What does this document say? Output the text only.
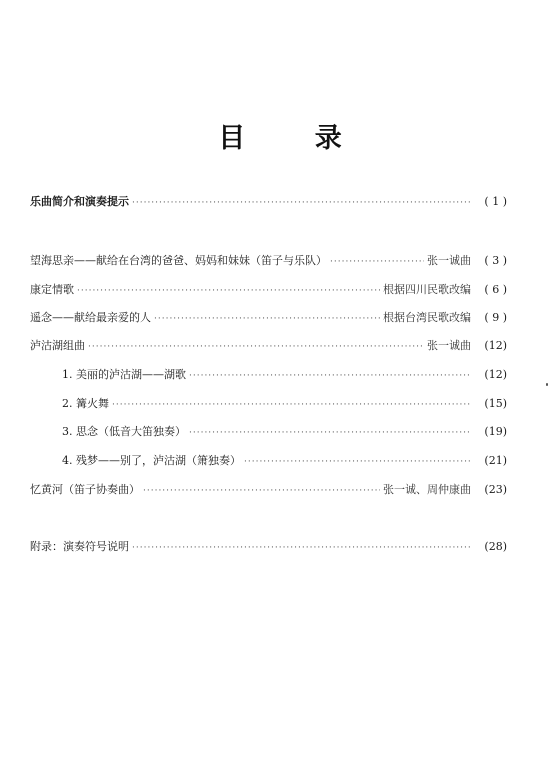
目 录
乐曲简介和演奏提示 ·····	( 1 )
望海思亲——献给在台湾的爸爸、妈妈和妹妹（笛子与乐队） ·····	张一诚曲	( 3 )
康定情歌 ·····	根据四川民歌改编	( 6 )
遥念——献给最亲爱的人 ·····	根据台湾民歌改编	( 9 )
泸沽湖组曲 ·····	张一诚曲	(12)
1. 美丽的泸沽湖——湖歌 ·····	(12)
2. 篝火舞 ·····	(15)
3. 思念（低音大笛独奏） ·····	(19)
4. 残梦——别了，泸沽湖（箫独奏） ·····	(21)
忆黄河（笛子协奏曲） ·····	张一诚、周仲康曲	(23)
附录：演奏符号说明 ·····	(28)
